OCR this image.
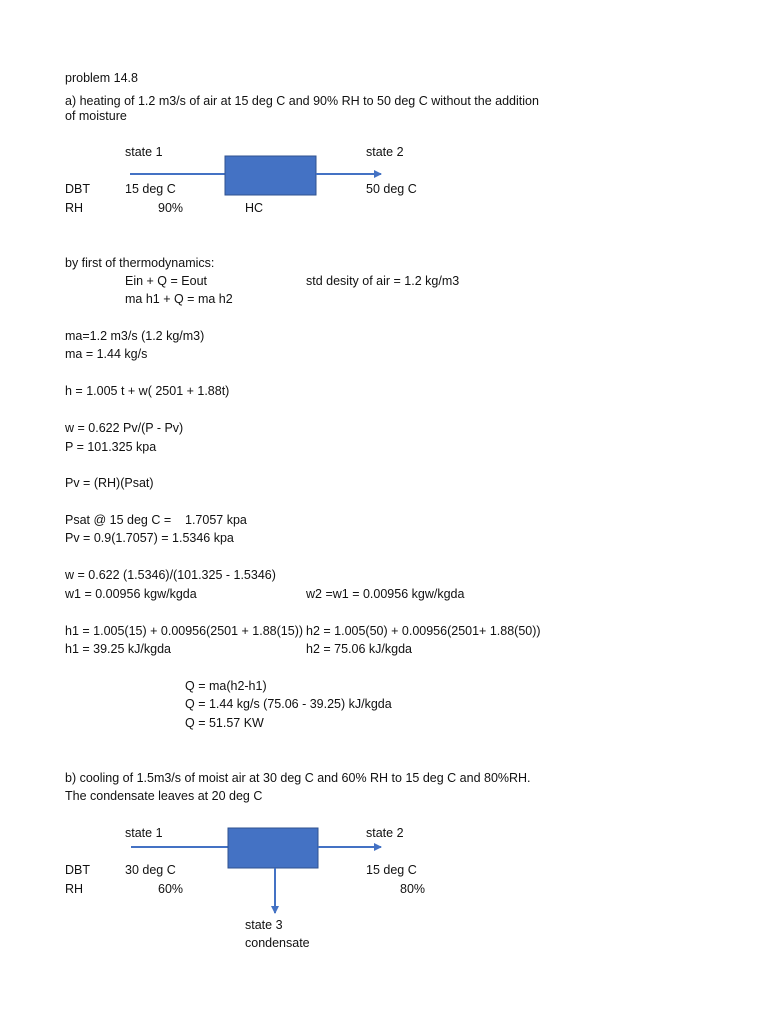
problem 14.8
a) heating of 1.2 m3/s of air at 15 deg C and 90% RH to 50 deg C without the addition
of moisture
state 1	state 2
DBT	15 deg C	50 deg C
RH	90%	HC
by first of thermodynamics:
Ein + Q = Eout	std desity of air = 1.2 kg/m3
ma h1 + Q = ma h2
ma=1.2 m3/s (1.2 kg/m3)
ma = 1.44 kg/s
h = 1.005 t + w( 2501 + 1.88t)
w = 0.622 Pv/(P - Pv)
P = 101.325 kpa
Pv = (RH)(Psat)
Psat @ 15 deg C = 1.7057 kpa
Pv = 0.9(1.7057) = 1.5346 kpa
w = 0.622 (1.5346)/(101.325 - 1.5346)
w1 = 0.00956 kgw/kgda	w2 =w1 = 0.00956 kgw/kgda
h1 = 1.005(15) + 0.00956(2501 + 1.88(15)) h2 = 1.005(50) + 0.00956(2501+ 1.88(50))
h1 = 39.25 kJ/kgda	h2 = 75.06 kJ/kgda
Q = ma(h2-h1)
Q = 1.44 kg/s (75.06 - 39.25) kJ/kgda
Q = 51.57 KW
b) cooling of 1.5m3/s of moist air at 30 deg C and 60% RH to 15 deg C and 80%RH.
The condensate leaves at 20 deg C
state 1	state 2
DBT	30 deg C	15 deg C
RH	60%	80%
state 3
condensate
